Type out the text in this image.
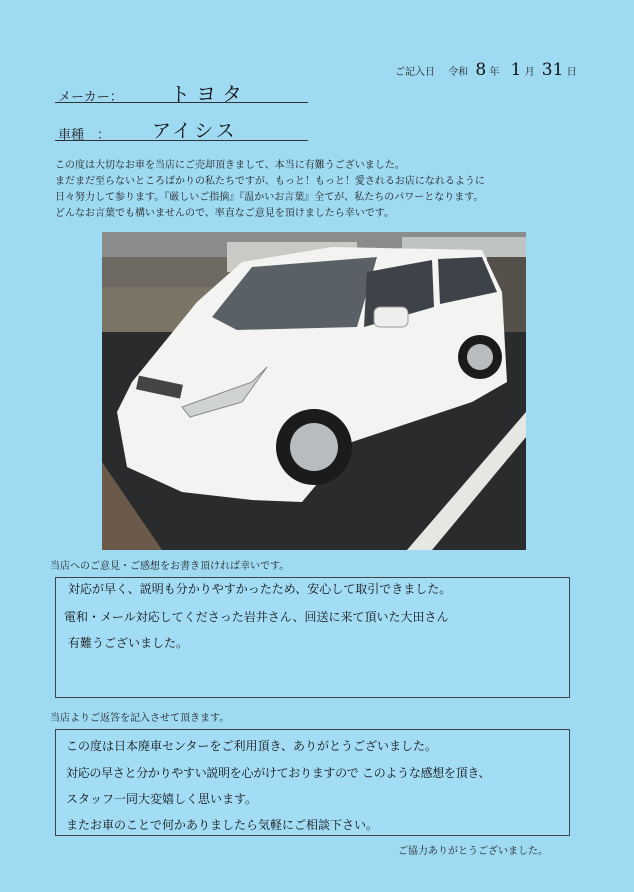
ご記入日 令和 8 年 1 月 31 日
メーカー： トヨタ
車種　： アイシス
この度は大切なお車を当店にご売却頂きまして、本当に有難うございました。
まだまだ至らないところばかりの私たちですが、もっと！もっと！愛されるお店になれるように
日々努力して参ります。『厳しいご指摘』『温かいお言葉』全てが、私たちのパワーとなります。
どんなお言葉でも構いませんので、率直なご意見を頂けましたら幸いです。
当店へのご意見・ご感想をお書き頂ければ幸いです。
対応が早く、説明も分かりやすかったため、安心して取引できました。
電和・メール対応してくださった岩井さん、回送に来て頂いた大田さん
有難うございました。
当店よりご返答を記入させて頂きます。
この度は日本廃車センターをご利用頂き、ありがとうございました。
対応の早さと分かりやすい説明を心がけておりますので このような感想を頂き、
スタッフ一同大変嬉しく思います。
またお車のことで何かありましたら気軽にご相談下さい。
ご協力ありがとうございました。
